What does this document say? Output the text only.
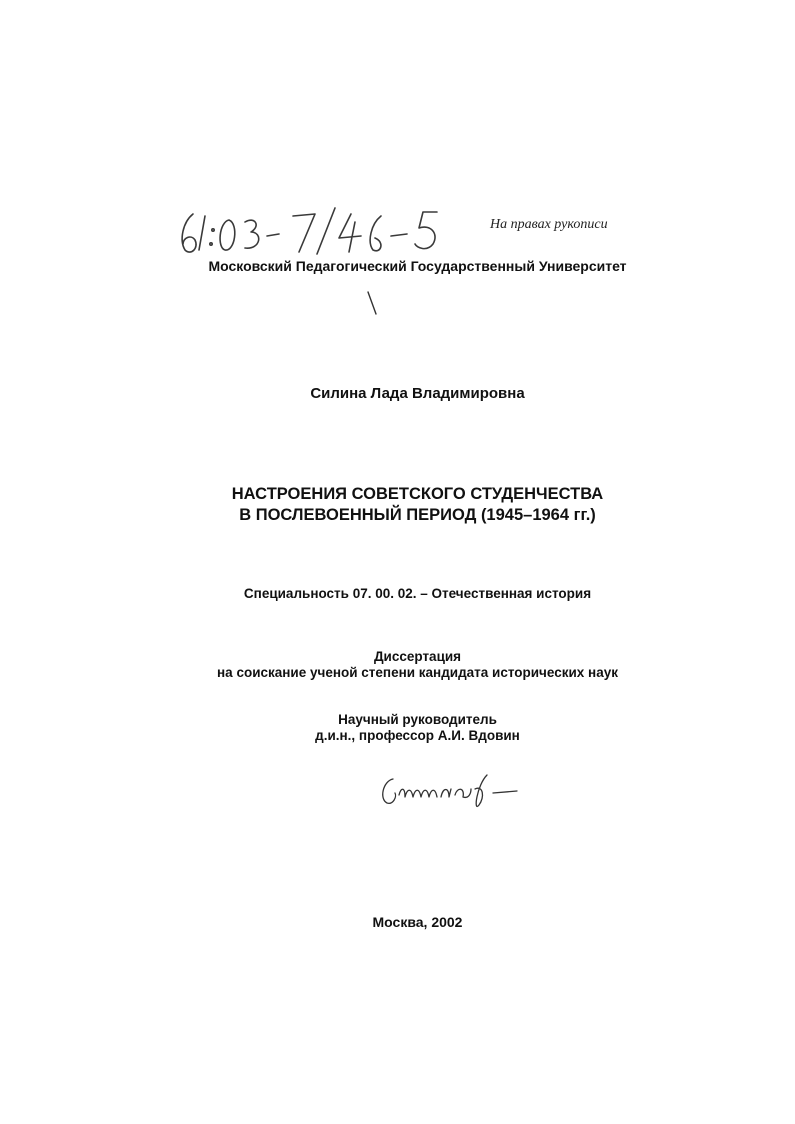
На правах рукописи
Московский Педагогический Государственный Университет
Силина Лада Владимировна
НАСТРОЕНИЯ СОВЕТСКОГО СТУДЕНЧЕСТВА
В ПОСЛЕВОЕННЫЙ ПЕРИОД (1945–1964 гг.)
Специальность 07. 00. 02. – Отечественная история
Диссертация
на соискание ученой степени кандидата исторических наук
Научный руководитель
д.и.н., профессор А.И. Вдовин
Москва, 2002
